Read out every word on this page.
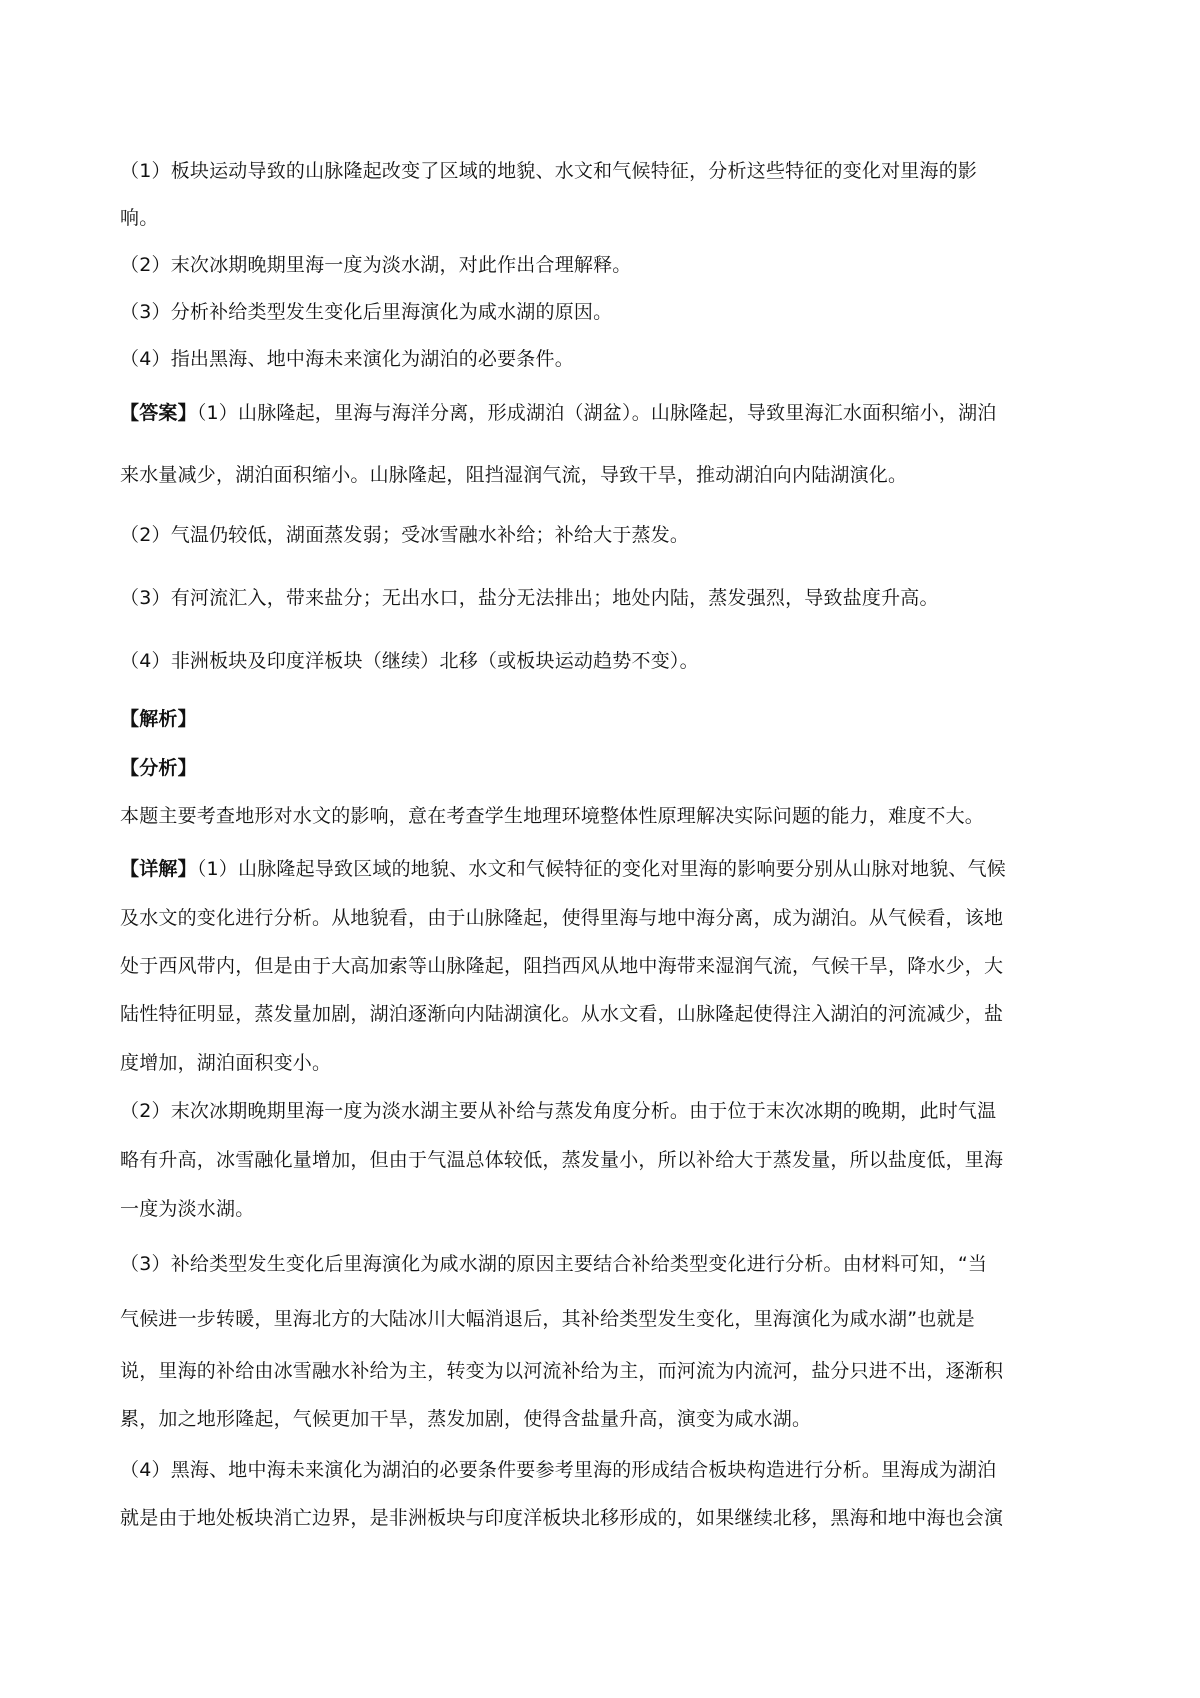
（1）板块运动导致的山脉隆起改变了区域的地貌、水文和气候特征，分析这些特征的变化对里海的影
响。
（2）末次冰期晚期里海一度为淡水湖，对此作出合理解释。
（3）分析补给类型发生变化后里海演化为咸水湖的原因。
（4）指出黑海、地中海未来演化为湖泊的必要条件。
【答案】（1）山脉隆起，里海与海洋分离，形成湖泊（湖盆）。山脉隆起，导致里海汇水面积缩小，湖泊
来水量减少，湖泊面积缩小。山脉隆起，阻挡湿润气流，导致干旱，推动湖泊向内陆湖演化。
（2）气温仍较低，湖面蒸发弱；受冰雪融水补给；补给大于蒸发。
（3）有河流汇入，带来盐分；无出水口，盐分无法排出；地处内陆，蒸发强烈，导致盐度升高。
（4）非洲板块及印度洋板块（继续）北移（或板块运动趋势不变）。
【解析】
【分析】
本题主要考查地形对水文的影响，意在考查学生地理环境整体性原理解决实际问题的能力，难度不大。
【详解】（1）山脉隆起导致区域的地貌、水文和气候特征的变化对里海的影响要分别从山脉对地貌、气候
及水文的变化进行分析。从地貌看，由于山脉隆起，使得里海与地中海分离，成为湖泊。从气候看，该地
处于西风带内，但是由于大高加索等山脉隆起，阻挡西风从地中海带来湿润气流，气候干旱，降水少，大
陆性特征明显，蒸发量加剧，湖泊逐渐向内陆湖演化。从水文看，山脉隆起使得注入湖泊的河流减少，盐
度增加，湖泊面积变小。
（2）末次冰期晚期里海一度为淡水湖主要从补给与蒸发角度分析。由于位于末次冰期的晚期，此时气温
略有升高，冰雪融化量增加，但由于气温总体较低，蒸发量小，所以补给大于蒸发量，所以盐度低，里海
一度为淡水湖。
（3）补给类型发生变化后里海演化为咸水湖的原因主要结合补给类型变化进行分析。由材料可知，“当
气候进一步转暖，里海北方的大陆冰川大幅消退后，其补给类型发生变化，里海演化为咸水湖”也就是
说，里海的补给由冰雪融水补给为主，转变为以河流补给为主，而河流为内流河，盐分只进不出，逐渐积
累，加之地形隆起，气候更加干旱，蒸发加剧，使得含盐量升高，演变为咸水湖。
（4）黑海、地中海未来演化为湖泊的必要条件要参考里海的形成结合板块构造进行分析。里海成为湖泊
就是由于地处板块消亡边界，是非洲板块与印度洋板块北移形成的，如果继续北移，黑海和地中海也会演
